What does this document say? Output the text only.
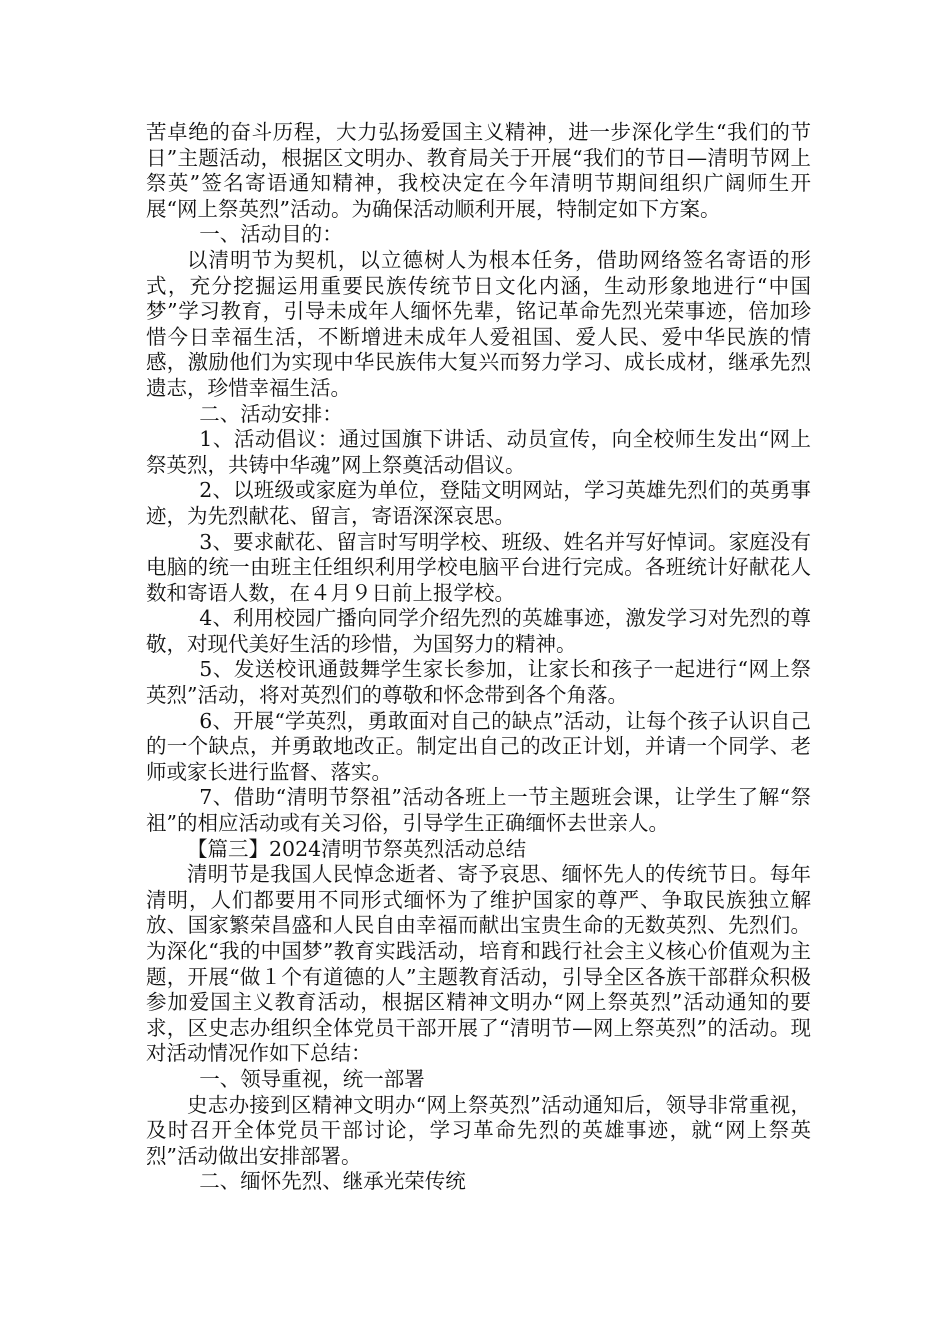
苦卓绝的奋斗历程，大力弘扬爱国主义精神，进一步深化学生“我们的节日”主题活动，根据区文明办、教育局关于开展“我们的节日—清明节网上祭英”签名寄语通知精神，我校决定在今年清明节期间组织广阔师生开展“网上祭英烈”活动。为确保活动顺利开展，特制定如下方案。

一、活动目的：

以清明节为契机，以立德树人为根本任务，借助网络签名寄语的形式，充分挖掘运用重要民族传统节日文化内涵，生动形象地进行“中国梦”学习教育，引导未成年人缅怀先辈，铭记革命先烈光荣事迹，倍加珍惜今日幸福生活，不断增进未成年人爱祖国、爱人民、爱中华民族的情感，激励他们为实现中华民族伟大复兴而努力学习、成长成材，继承先烈遗志，珍惜幸福生活。

二、活动安排：

1、活动倡议：通过国旗下讲话、动员宣传，向全校师生发出“网上祭英烈，共铸中华魂”网上祭奠活动倡议。

2、以班级或家庭为单位，登陆文明网站，学习英雄先烈们的英勇事迹，为先烈献花、留言，寄语深深哀思。

3、要求献花、留言时写明学校、班级、姓名并写好悼词。家庭没有电脑的统一由班主任组织利用学校电脑平台进行完成。各班统计好献花人数和寄语人数，在４月９日前上报学校。

4、利用校园广播向同学介绍先烈的英雄事迹，激发学习对先烈的尊敬，对现代美好生活的珍惜，为国努力的精神。

5、发送校讯通鼓舞学生家长参加，让家长和孩子一起进行“网上祭英烈”活动，将对英烈们的尊敬和怀念带到各个角落。

6、开展“学英烈，勇敢面对自己的缺点”活动，让每个孩子认识自己的一个缺点，并勇敢地改正。制定出自己的改正计划，并请一个同学、老师或家长进行监督、落实。

7、借助“清明节祭祖”活动各班上一节主题班会课，让学生了解“祭祖”的相应活动或有关习俗，引导学生正确缅怀去世亲人。

【篇三】2024清明节祭英烈活动总结

清明节是我国人民悼念逝者、寄予哀思、缅怀先人的传统节日。每年清明，人们都要用不同形式缅怀为了维护国家的尊严、争取民族独立解放、国家繁荣昌盛和人民自由幸福而献出宝贵生命的无数英烈、先烈们。为深化“我的中国梦”教育实践活动，培育和践行社会主义核心价值观为主题，开展“做１个有道德的人”主题教育活动，引导全区各族干部群众积极参加爱国主义教育活动，根据区精神文明办“网上祭英烈”活动通知的要求，区史志办组织全体党员干部开展了“清明节—网上祭英烈”的活动。现对活动情况作如下总结：

一、领导重视，统一部署

史志办接到区精神文明办“网上祭英烈”活动通知后，领导非常重视，及时召开全体党员干部讨论，学习革命先烈的英雄事迹，就“网上祭英烈”活动做出安排部署。

二、缅怀先烈、继承光荣传统
